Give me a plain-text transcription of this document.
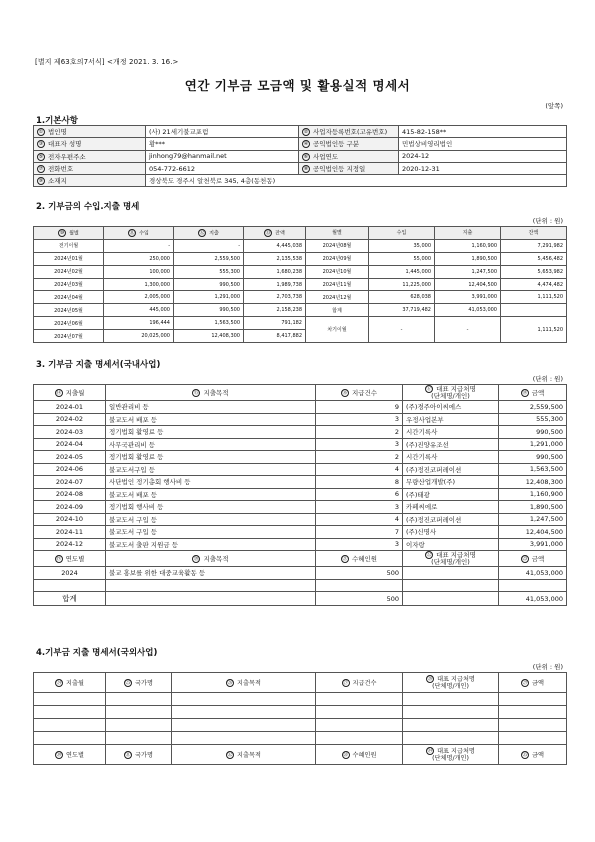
[별지 제63호의7서식] <개정 2021. 3. 16.>
연간 기부금 모금액 및 활용실적 명세서
(앞쪽)
1.기본사항
① 법인명	(사) 21세기불교포럼	② 사업자등록번호(고유번호)	415-82-158**
③ 대표자 성명	황***	④ 공익법인등 구분	민법상비영리법인
⑤ 전자우편주소	jinhong79@hanmail.net	⑥ 사업연도	2024-12
⑦ 전화번호	054-772-6612	⑧ 공익법인등 지정일	2020-12-31
⑨ 소재지	경상북도 경주시 알천북로 345, 4층(동천동)		
2. 기부금의 수입.지출 명세
(단위 : 원)
⑩ 월별	⑪ 수입	⑫ 지출	⑬ 잔액	월별	수입	지출	잔액
전기이월	-	-	4,445,038	2024년08월	35,000	1,160,900	7,291,982
2024년01월	250,000	2,559,500	2,135,538	2024년09월	55,000	1,890,500	5,456,482
2024년02월	100,000	555,300	1,680,238	2024년10월	1,445,000	1,247,500	5,653,982
2024년03월	1,300,000	990,500	1,989,738	2024년11월	11,225,000	12,404,500	4,474,482
2024년04월	2,005,000	1,291,000	2,703,738	2024년12월	628,038	3,991,000	1,111,520
2024년05월	445,000	990,500	2,158,238	합계	37,719,482	41,053,000	
2024년06월	196,444	1,563,500	791,182	차기이월	-	-	1,111,520
2024년07월	20,025,000	12,408,300	8,417,882				
3. 기부금 지출 명세서(국내사업)
(단위 : 원)
⑭ 지출월	⑮ 지출목적	⑯ 지급건수	⑰ 대표 지급처명
(단체명/개인)	⑱ 금액
2024-01	일반관리비 등	9	(주)경주아이씨에스	2,559,500
2024-02	불교도서 배포 등	3	우정사업본부	555,300
2024-03	정기법회 활영료 등	2	시간기록사	990,500
2024-04	사무국관리비 등	3	(주)진양유조선	1,291,000
2024-05	정기법회 활영료 등	2	시간기록사	990,500
2024-06	불교도서구입 등	4	(주)정진코퍼레이션	1,563,500
2024-07	사단법인 정기총회 행사비 등	8	무량산업개발(주)	12,408,300
2024-08	불교도서 배포 등	6	(주)태광	1,160,900
2024-09	정기법회 행사비 등	3	카페씨에로	1,890,500
2024-10	불교도서 구입 등	4	(주)정진코퍼레이션	1,247,500
2024-11	불교도서 구입 등	7	(주)신명사	12,404,500
2024-12	불교도서 출판 지원금 등	3	이자랑	3,991,000
⑲ 연도별	⑳ 지출목적	㉑ 수혜인원	㉒ 대표 지급처명
(단체명/개인)	㉓ 금액
2024	불교 홍보를 위한 대중교육활동 등	500		41,053,000

합계		500		41,053,000
4.기부금 지출 명세서(국외사업)
(단위 : 원)
㉔ 지출월	㉕ 국가명	㉖ 지출목적	㉗ 지급건수	㉘ 대표 지급처명
(단체명/개인)	㉙ 금액

㉚ 연도별	㉛ 국가명	㉜ 지출목적	㉝ 수혜인원	㉞ 대표 지급처명
(단체명/개인)	㉟ 금액
